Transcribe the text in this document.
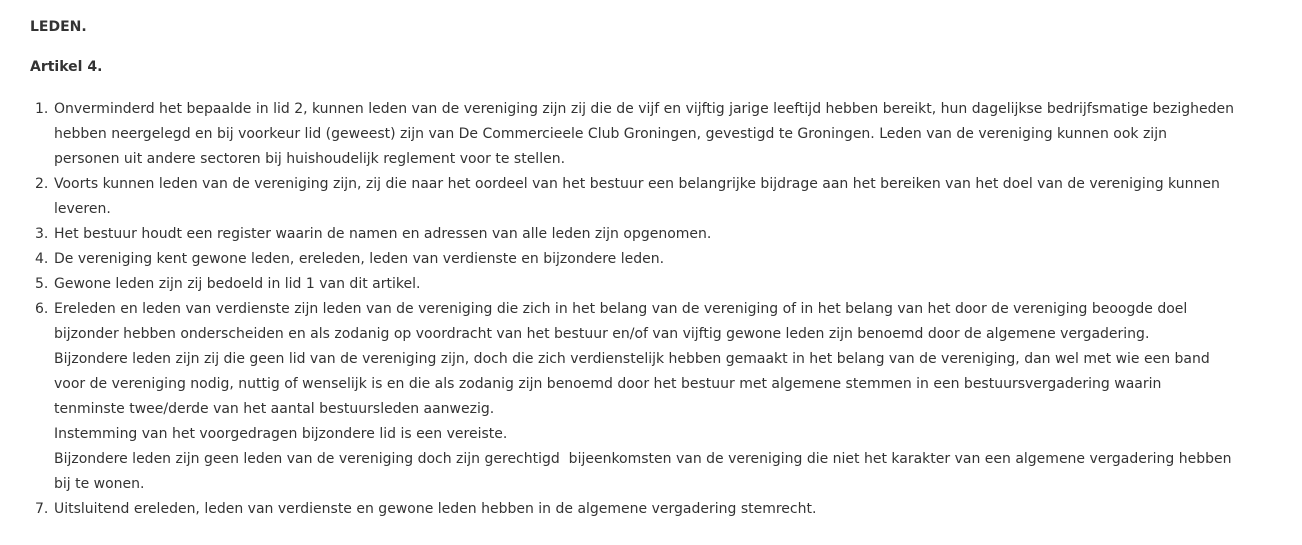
LEDEN.

Artikel 4.

1. Onverminderd het bepaalde in lid 2, kunnen leden van de vereniging zijn zij die de vijf en vijftig jarige leeftijd hebben bereikt, hun dagelijkse bedrijfsmatige bezigheden
hebben neergelegd en bij voorkeur lid (geweest) zijn van De Commercieele Club Groningen, gevestigd te Groningen. Leden van de vereniging kunnen ook zijn
personen uit andere sectoren bij huishoudelijk reglement voor te stellen.
2. Voorts kunnen leden van de vereniging zijn, zij die naar het oordeel van het bestuur een belangrijke bijdrage aan het bereiken van het doel van de vereniging kunnen
leveren.
3. Het bestuur houdt een register waarin de namen en adressen van alle leden zijn opgenomen.
4. De vereniging kent gewone leden, ereleden, leden van verdienste en bijzondere leden.
5. Gewone leden zijn zij bedoeld in lid 1 van dit artikel.
6. Ereleden en leden van verdienste zijn leden van de vereniging die zich in het belang van de vereniging of in het belang van het door de vereniging beoogde doel
bijzonder hebben onderscheiden en als zodanig op voordracht van het bestuur en/of van vijftig gewone leden zijn benoemd door de algemene vergadering.
Bijzondere leden zijn zij die geen lid van de vereniging zijn, doch die zich verdienstelijk hebben gemaakt in het belang van de vereniging, dan wel met wie een band
voor de vereniging nodig, nuttig of wenselijk is en die als zodanig zijn benoemd door het bestuur met algemene stemmen in een bestuursvergadering waarin
tenminste twee/derde van het aantal bestuursleden aanwezig.
Instemming van het voorgedragen bijzondere lid is een vereiste.
Bijzondere leden zijn geen leden van de vereniging doch zijn gerechtigd  bijeenkomsten van de vereniging die niet het karakter van een algemene vergadering hebben
bij te wonen.
7. Uitsluitend ereleden, leden van verdienste en gewone leden hebben in de algemene vergadering stemrecht.
